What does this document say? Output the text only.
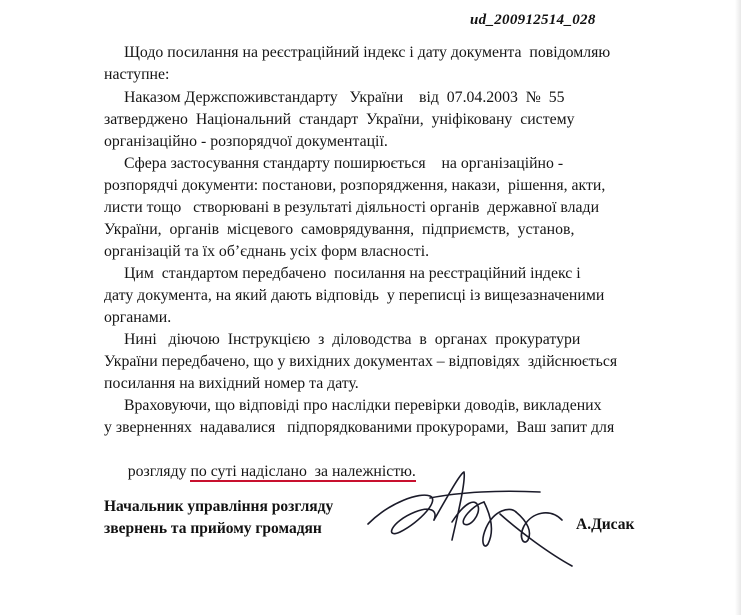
ud_200912514_028
Щодо посилання на реєстраційний індекс і дату документа  повідомляю
наступне:
Наказом Держспоживстандарту   України    від  07.04.2003  №  55
затверджено  Національний  стандарт  України,  уніфіковану  систему
організаційно - розпорядчої документації.
Сфера застосування стандарту поширюється    на організаційно -
розпорядчі документи: постанови, розпорядження, накази,  рішення, акти,
листи тощо   створювані в результаті діяльності органів  державної влади
України,  органів  місцевого  самоврядування,  підприємств,  установ,
організацій та їх об’єднань усіх форм власності.
Цим  стандартом передбачено  посилання на реєстраційний індекс і
дату документа, на який дають відповідь  у переписці із вищезазначеними
органами.
Нині   діючою  Інструкцією  з  діловодства  в  органах  прокуратури
України передбачено, що у вихідних документах – відповідях  здійснюється
посилання на вихідний номер та дату.
Враховуючи, що відповіді про наслідки перевірки доводів, викладених
у зверненнях  надавалися   підпорядкованими прокурорами,  Ваш запит для

розгляду по суті надіслано  за належністю.

Начальник управління розгляду
звернень та прийому громадян	А.Дисак
